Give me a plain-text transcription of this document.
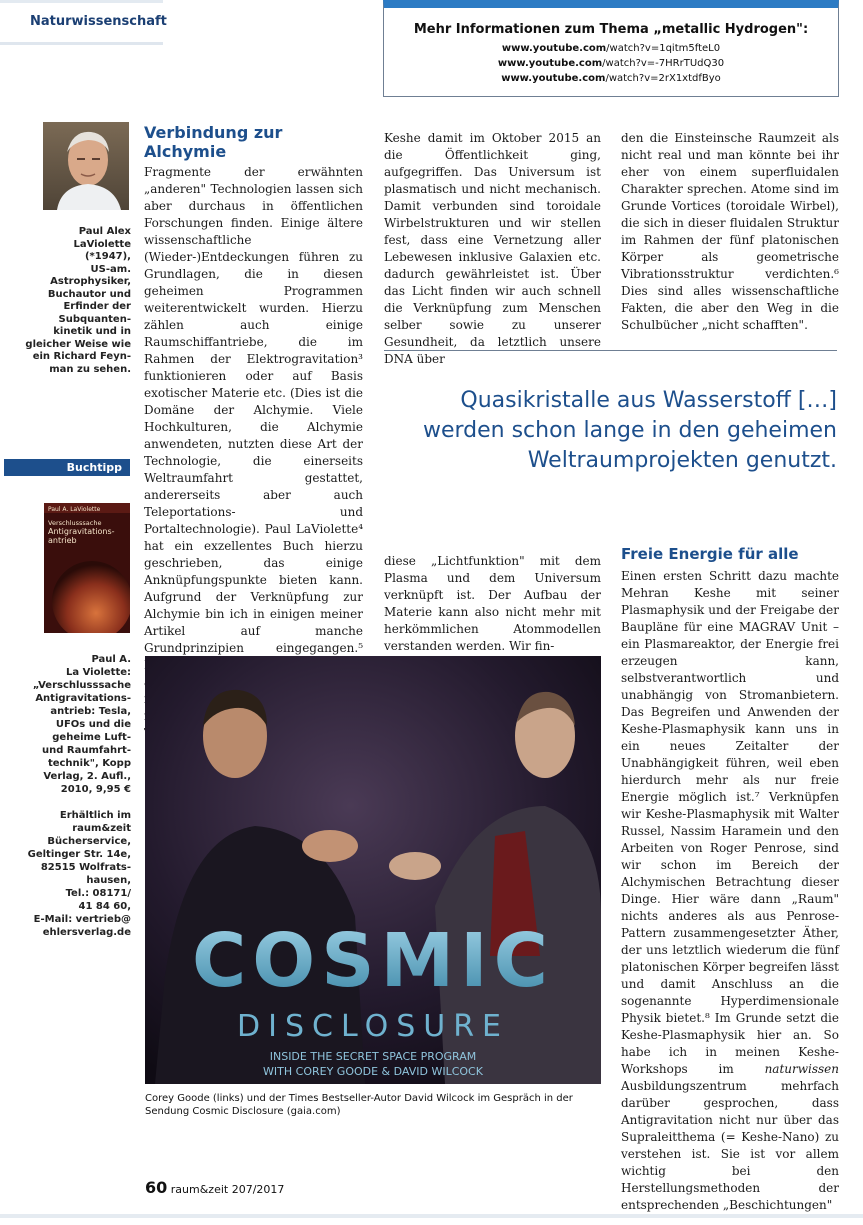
Naturwissenschaft
Mehr Informationen zum Thema „metallic Hydrogen":
www.youtube.com/watch?v=1qitm5fteL0
www.youtube.com/watch?v=-7HRrTUdQ30
www.youtube.com/watch?v=2rX1xtdfByo
Paul Alex
LaViolette
(*1947),
US-am.
Astrophysiker,
Buchautor und
Erfinder der
Subquanten-
kinetik und in
gleicher Weise wie
ein Richard Feyn-
man zu sehen.
Buchtipp
Paul A. LaViolette
Verschlusssache
Antigravitations-
antrieb
Paul A.
La Violette:
„Verschlusssache
Antigravitations-
antrieb: Tesla,
UFOs und die
geheime Luft-
und Raumfahrt-
technik", Kopp
Verlag, 2. Aufl.,
2010, 9,95 €
Erhältlich im
raum&zeit
Bücherservice,
Geltinger Str. 14e,
82515 Wolfrats-
hausen,
Tel.: 08171/
41 84 60,
E-Mail: vertrieb@
ehlersverlag.de
Verbindung zur
Alchymie

Fragmente der erwähnten „anderen" Technologien lassen sich aber durchaus in öffentlichen Forschungen finden. Einige ältere wissenschaftliche (Wieder-)Entdeckungen führen zu Grundlagen, die in diesen geheimen Programmen weiterentwickelt wurden. Hierzu zählen auch einige Raumschiffantriebe, die im Rahmen der Elektrogravitation³ funktionieren oder auf Basis exotischer Materie etc. (Dies ist die Domäne der Alchymie. Viele Hochkulturen, die Alchymie anwendeten, nutzten diese Art der Technologie, die einerseits Weltraumfahrt gestattet, andererseits aber auch Teleportations- und Portaltechnologie). Paul LaViolette⁴ hat ein exzellentes Buch hierzu geschrieben, das einige Anknüpfungspunkte bieten kann. Aufgrund der Verknüpfung zur Alchymie bin ich in einigen meiner Artikel auf manche Grundprinzipien eingegangen.⁵

Keshe damit im Oktober 2015 an die Öffentlichkeit ging, aufgegriffen. Das Universum ist plasmatisch und nicht mechanisch. Damit verbunden sind toroidale Wirbelstrukturen und wir stellen fest, dass eine Vernetzung aller Lebewesen inklusive Galaxien etc. dadurch gewährleistet ist. Über das Licht finden wir auch schnell die Verknüpfung zum Menschen selber sowie zu unserer Gesundheit, da letztlich unsere DNA über

den die Einsteinsche Raumzeit als nicht real und man könnte bei ihr eher von einem superfluidalen Charakter sprechen. Atome sind im Grunde Vortices (toroidale Wirbel), die sich in dieser fluidalen Struktur im Rahmen der fünf platonischen Körper als geometrische Vibrationsstruktur verdichten.⁶ Dies sind alles wissenschaftliche Fakten, die aber den Weg in die Schulbücher „nicht schafften".

Quasikristalle aus Wasserstoff […]
werden schon lange in den geheimen
Weltraumprojekten genutzt.

diese „Lichtfunktion" mit dem Plasma und dem Universum verknüpft ist. Der Aufbau der Materie kann also nicht mehr mit herkömmlichen Atommodellen verstanden werden. Wir fin-

Freie Energie für alle

Einen ersten Schritt dazu machte Mehran Keshe mit seiner Plasmaphysik und der Freigabe der Baupläne für eine MAGRAV Unit – ein Plasmareaktor, der Energie frei erzeugen kann, selbstverantwortlich und unabhängig von Stromanbietern. Das Begreifen und Anwenden der Keshe-Plasmaphysik kann uns in ein neues Zeitalter der Unabhängigkeit führen, weil eben hierdurch mehr als nur freie Energie möglich ist.⁷ Verknüpfen wir Keshe-Plasmaphysik mit Walter Russel, Nassim Haramein und den Arbeiten von Roger Penrose, sind wir schon im Bereich der Alchymischen Betrachtung dieser Dinge. Hier wäre dann „Raum" nichts anderes als aus Penrose-Pattern zusammengesetzter Äther, der uns letztlich wiederum die fünf platonischen Körper begreifen lässt und damit Anschluss an die sogenannte Hyperdimensionale Physik bietet.⁸ Im Grunde setzt die Keshe-Plasmaphysik hier an. So habe ich in meinen Keshe-Workshops im naturwissen Ausbildungszentrum mehrfach darüber gesprochen, dass Antigravitation nicht nur über das Supraleitthema (= Keshe-Nano) zu verstehen ist. Sie ist vor allem wichtig bei den Herstellungsmethoden der entsprechenden „Beschichtungen"

COSMIC
DISCLOSURE
INSIDE THE SECRET SPACE PROGRAM
WITH COREY GOODE & DAVID WILCOCK
Corey Goode (links) und der Times Bestseller-Autor David Wilcock im Gespräch in der Sendung Cosmic Disclosure (gaia.com)
60 raum&zeit 207/2017
